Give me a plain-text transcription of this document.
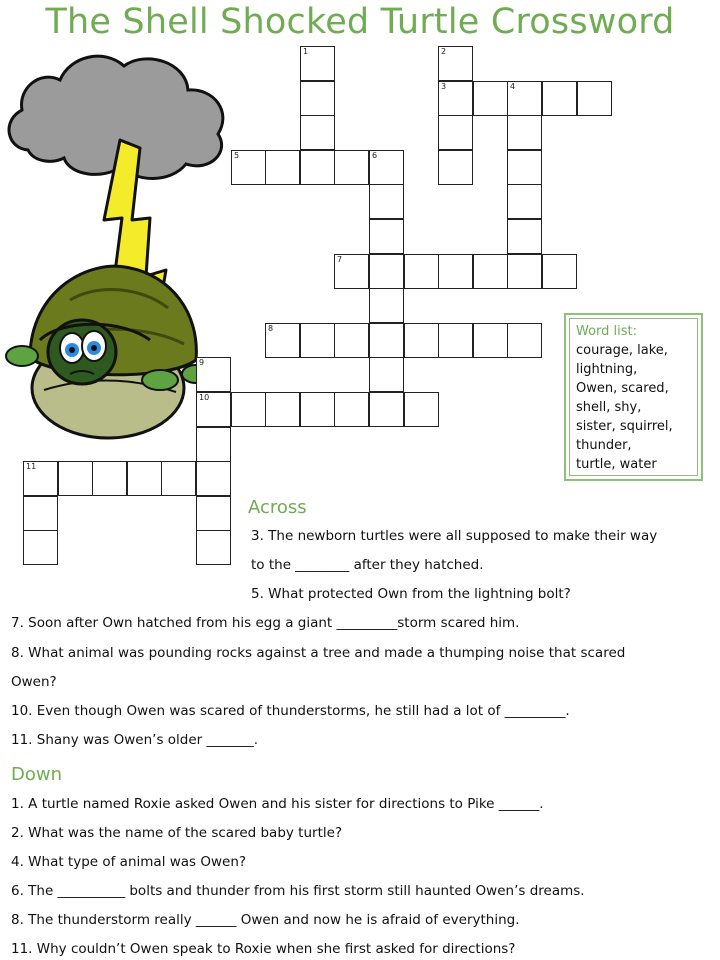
The Shell Shocked Turtle Crossword
1	2
3	4
5	6
7
8
9
10
11
Word list:
courage, lake,
lightning,
Owen, scared,
shell, shy,
sister, squirrel,
thunder,
turtle, water
Across
3. The newborn turtles were all supposed to make their way
to the ________ after they hatched.
5. What protected Own from the lightning bolt?
7. Soon after Own hatched from his egg a giant _________storm scared him.
8. What animal was pounding rocks against a tree and made a thumping noise that scared
Owen?
10. Even though Owen was scared of thunderstorms, he still had a lot of _________.
11. Shany was Owen’s older _______.
Down
1. A turtle named Roxie asked Owen and his sister for directions to Pike ______.
2. What was the name of the scared baby turtle?
4. What type of animal was Owen?
6. The __________ bolts and thunder from his first storm still haunted Owen’s dreams.
8. The thunderstorm really ______ Owen and now he is afraid of everything.
11. Why couldn’t Owen speak to Roxie when she first asked for directions?
